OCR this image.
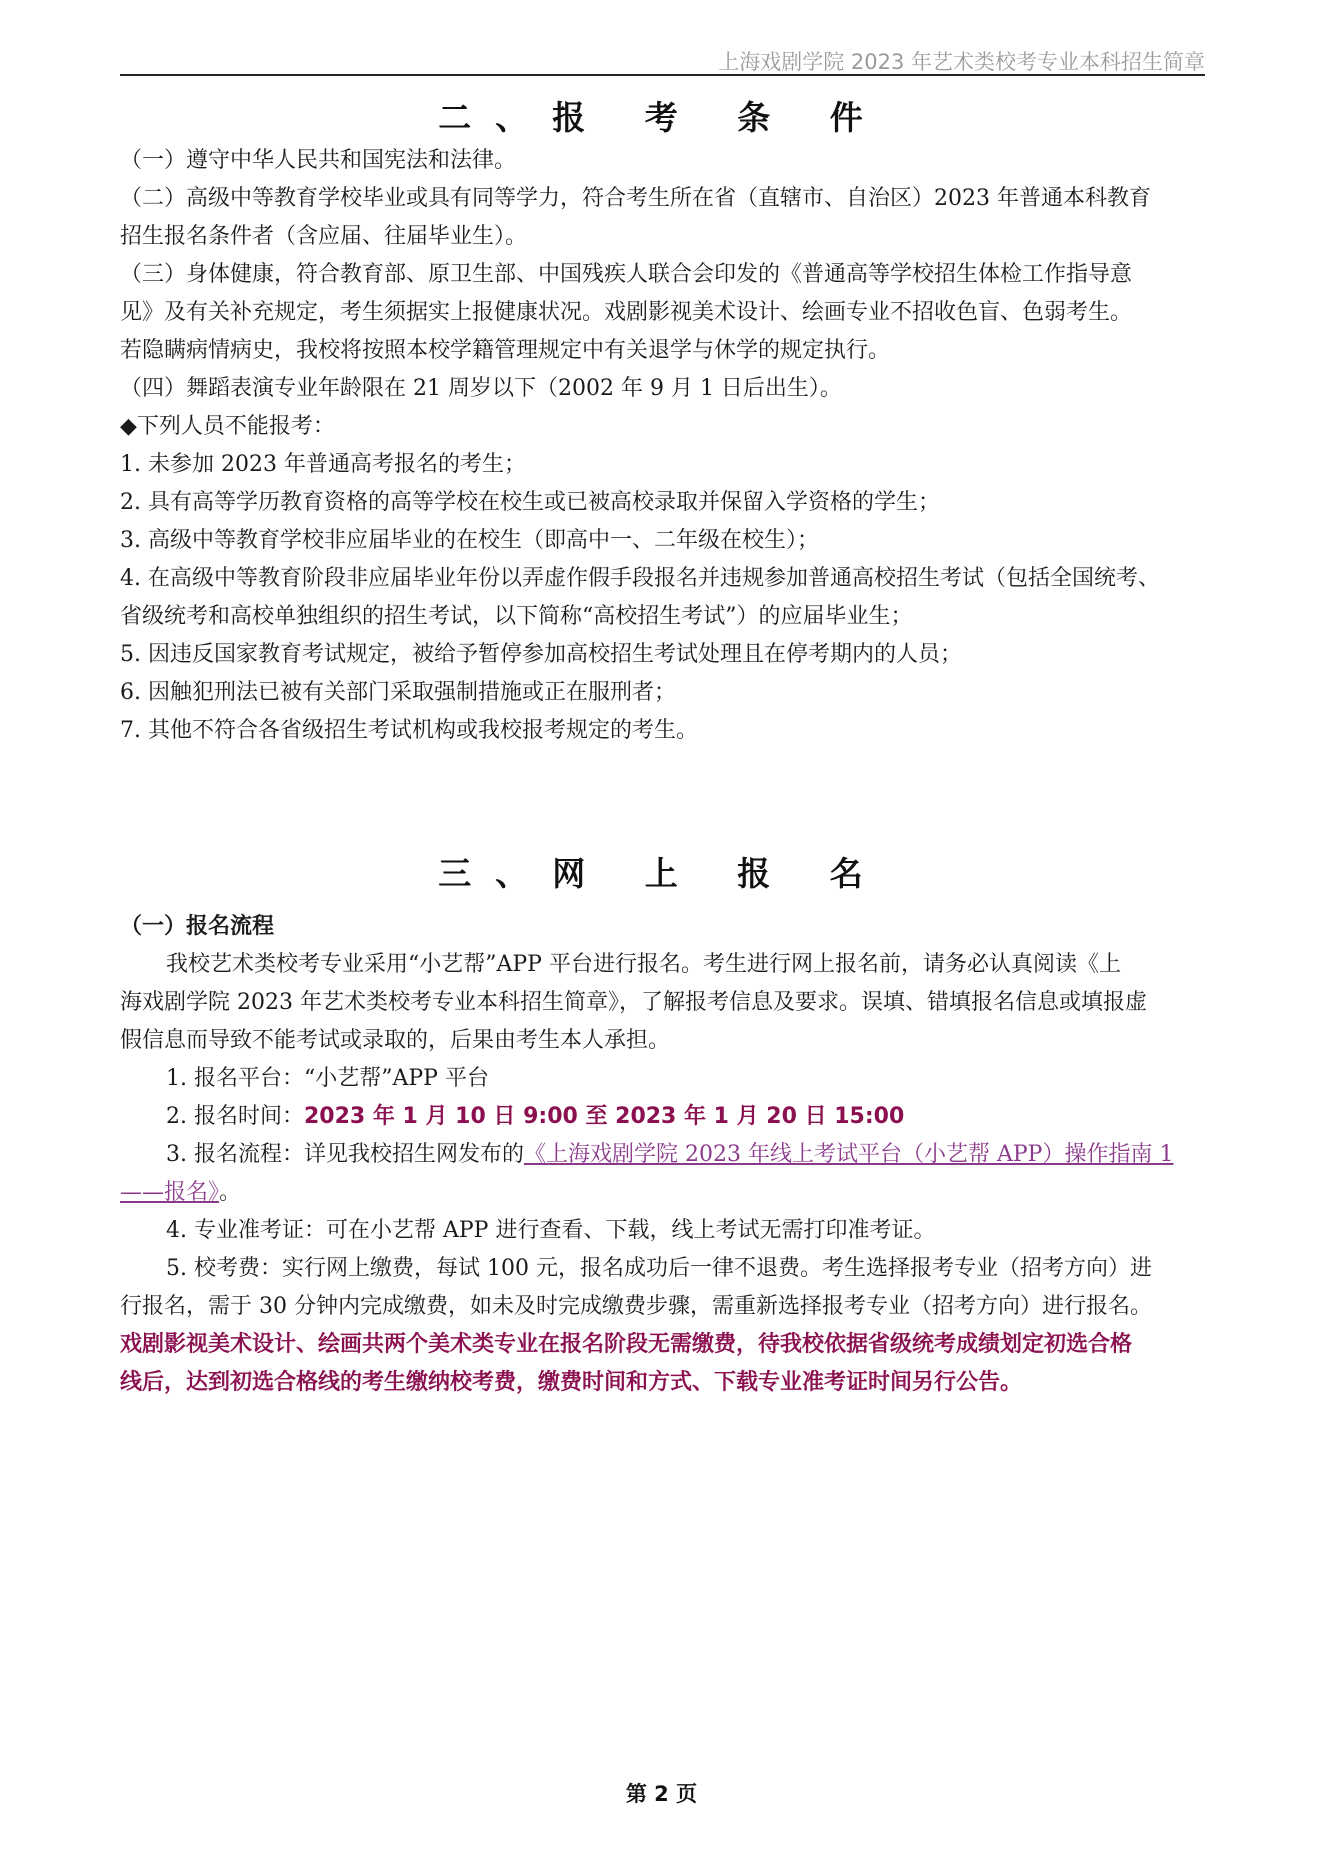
上海戏剧学院 2023 年艺术类校考专业本科招生简章
二、报 考 条 件
（一）遵守中华人民共和国宪法和法律。
（二）高级中等教育学校毕业或具有同等学力，符合考生所在省（直辖市、自治区）2023 年普通本科教育
招生报名条件者（含应届、往届毕业生）。
（三）身体健康，符合教育部、原卫生部、中国残疾人联合会印发的《普通高等学校招生体检工作指导意
见》及有关补充规定，考生须据实上报健康状况。戏剧影视美术设计、绘画专业不招收色盲、色弱考生。
若隐瞒病情病史，我校将按照本校学籍管理规定中有关退学与休学的规定执行。
（四）舞蹈表演专业年龄限在 21 周岁以下（2002 年 9 月 1 日后出生）。
◆下列人员不能报考：
1. 未参加 2023 年普通高考报名的考生；
2. 具有高等学历教育资格的高等学校在校生或已被高校录取并保留入学资格的学生；
3. 高级中等教育学校非应届毕业的在校生（即高中一、二年级在校生）；
4. 在高级中等教育阶段非应届毕业年份以弄虚作假手段报名并违规参加普通高校招生考试（包括全国统考、
省级统考和高校单独组织的招生考试，以下简称“高校招生考试”）的应届毕业生；
5. 因违反国家教育考试规定，被给予暂停参加高校招生考试处理且在停考期内的人员；
6. 因触犯刑法已被有关部门采取强制措施或正在服刑者；
7. 其他不符合各省级招生考试机构或我校报考规定的考生。
三、网 上 报 名
（一）报名流程
我校艺术类校考专业采用“小艺帮”APP 平台进行报名。考生进行网上报名前，请务必认真阅读《上
海戏剧学院 2023 年艺术类校考专业本科招生简章》，了解报考信息及要求。误填、错填报名信息或填报虚
假信息而导致不能考试或录取的，后果由考生本人承担。
1. 报名平台：“小艺帮”APP 平台
2. 报名时间：2023 年 1 月 10 日 9:00 至 2023 年 1 月 20 日 15:00
3. 报名流程：详见我校招生网发布的《上海戏剧学院 2023 年线上考试平台（小艺帮 APP）操作指南 1
——报名》。
4. 专业准考证：可在小艺帮 APP 进行查看、下载，线上考试无需打印准考证。
5. 校考费：实行网上缴费，每试 100 元，报名成功后一律不退费。考生选择报考专业（招考方向）进
行报名，需于 30 分钟内完成缴费，如未及时完成缴费步骤，需重新选择报考专业（招考方向）进行报名。
戏剧影视美术设计、绘画共两个美术类专业在报名阶段无需缴费，待我校依据省级统考成绩划定初选合格
线后，达到初选合格线的考生缴纳校考费，缴费时间和方式、下载专业准考证时间另行公告。
第 2 页
